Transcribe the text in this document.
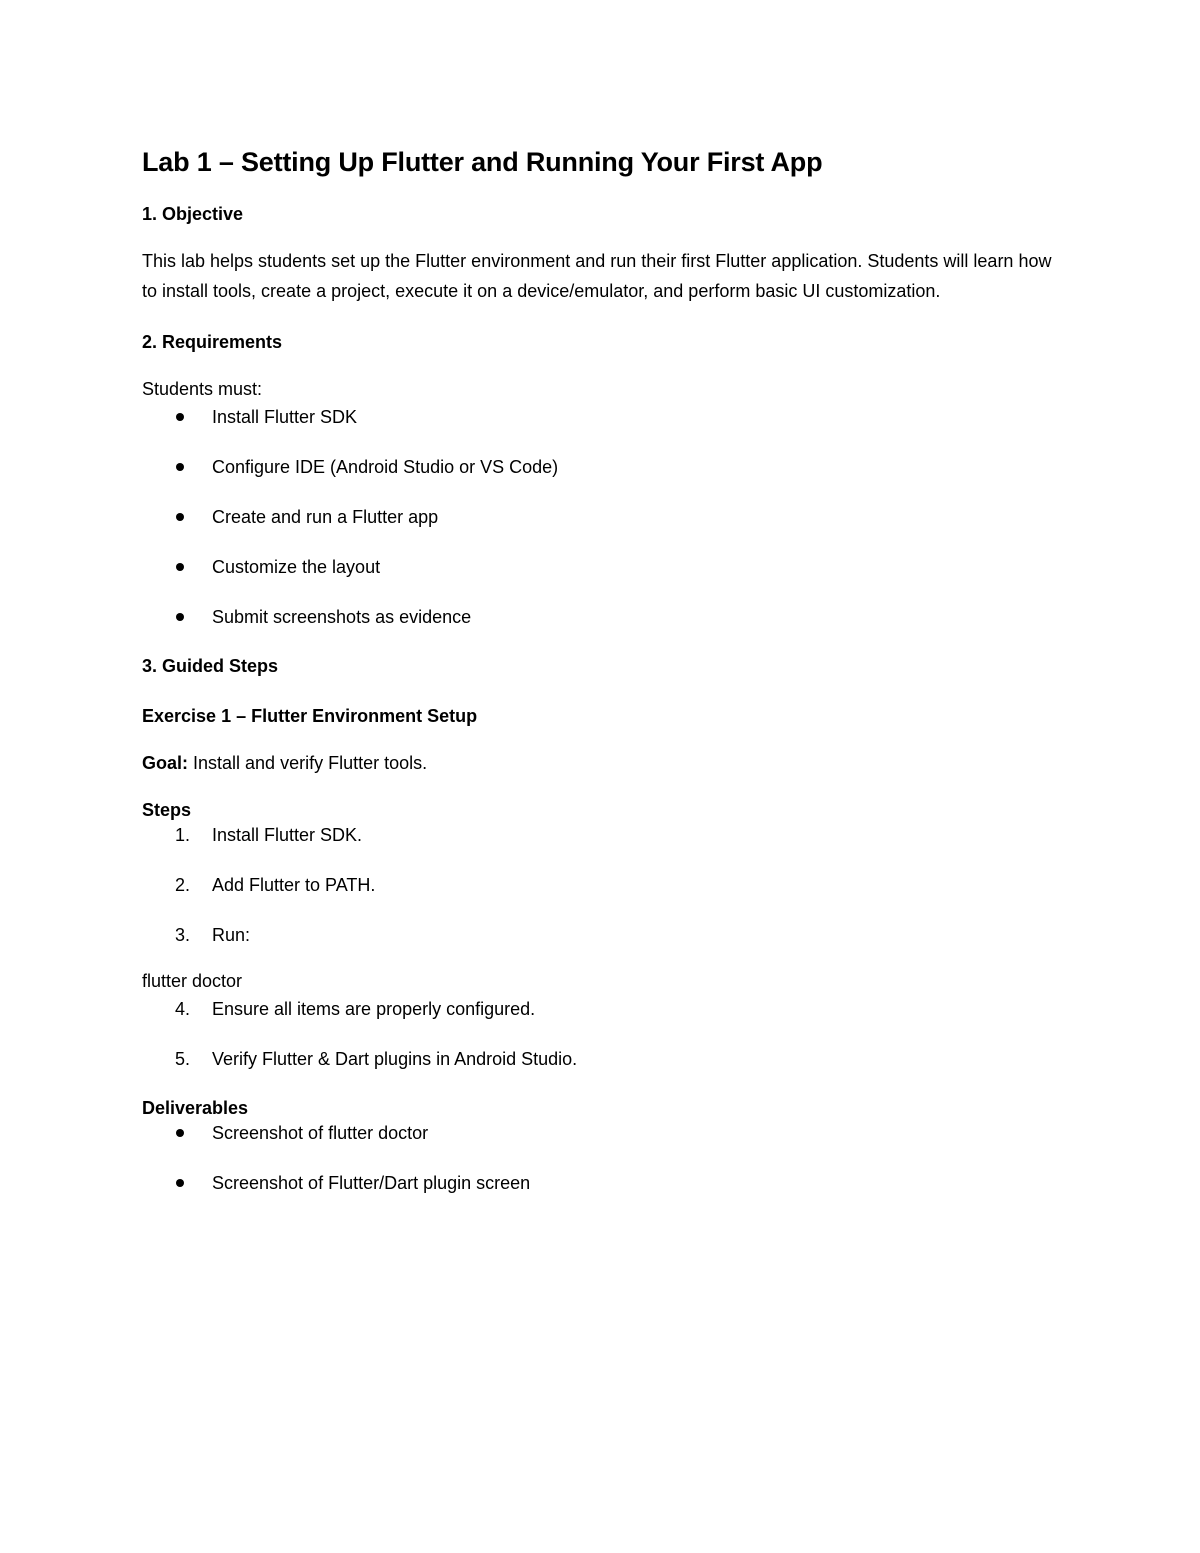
Lab 1 – Setting Up Flutter and Running Your First App
1. Objective

This lab helps students set up the Flutter environment and run their first Flutter application. Students will learn how to install tools, create a project, execute it on a device/emulator, and perform basic UI customization.

2. Requirements

Students must:

Install Flutter SDK
Configure IDE (Android Studio or VS Code)
Create and run a Flutter app
Customize the layout
Submit screenshots as evidence
3. Guided Steps
Exercise 1 – Flutter Environment Setup

Goal: Install and verify Flutter tools.

Steps
1.	Install Flutter SDK.
2.	Add Flutter to PATH.
3.	Run:

flutter doctor

4.	Ensure all items are properly configured.
5.	Verify Flutter & Dart plugins in Android Studio.
Deliverables
Screenshot of flutter doctor
Screenshot of Flutter/Dart plugin screen
